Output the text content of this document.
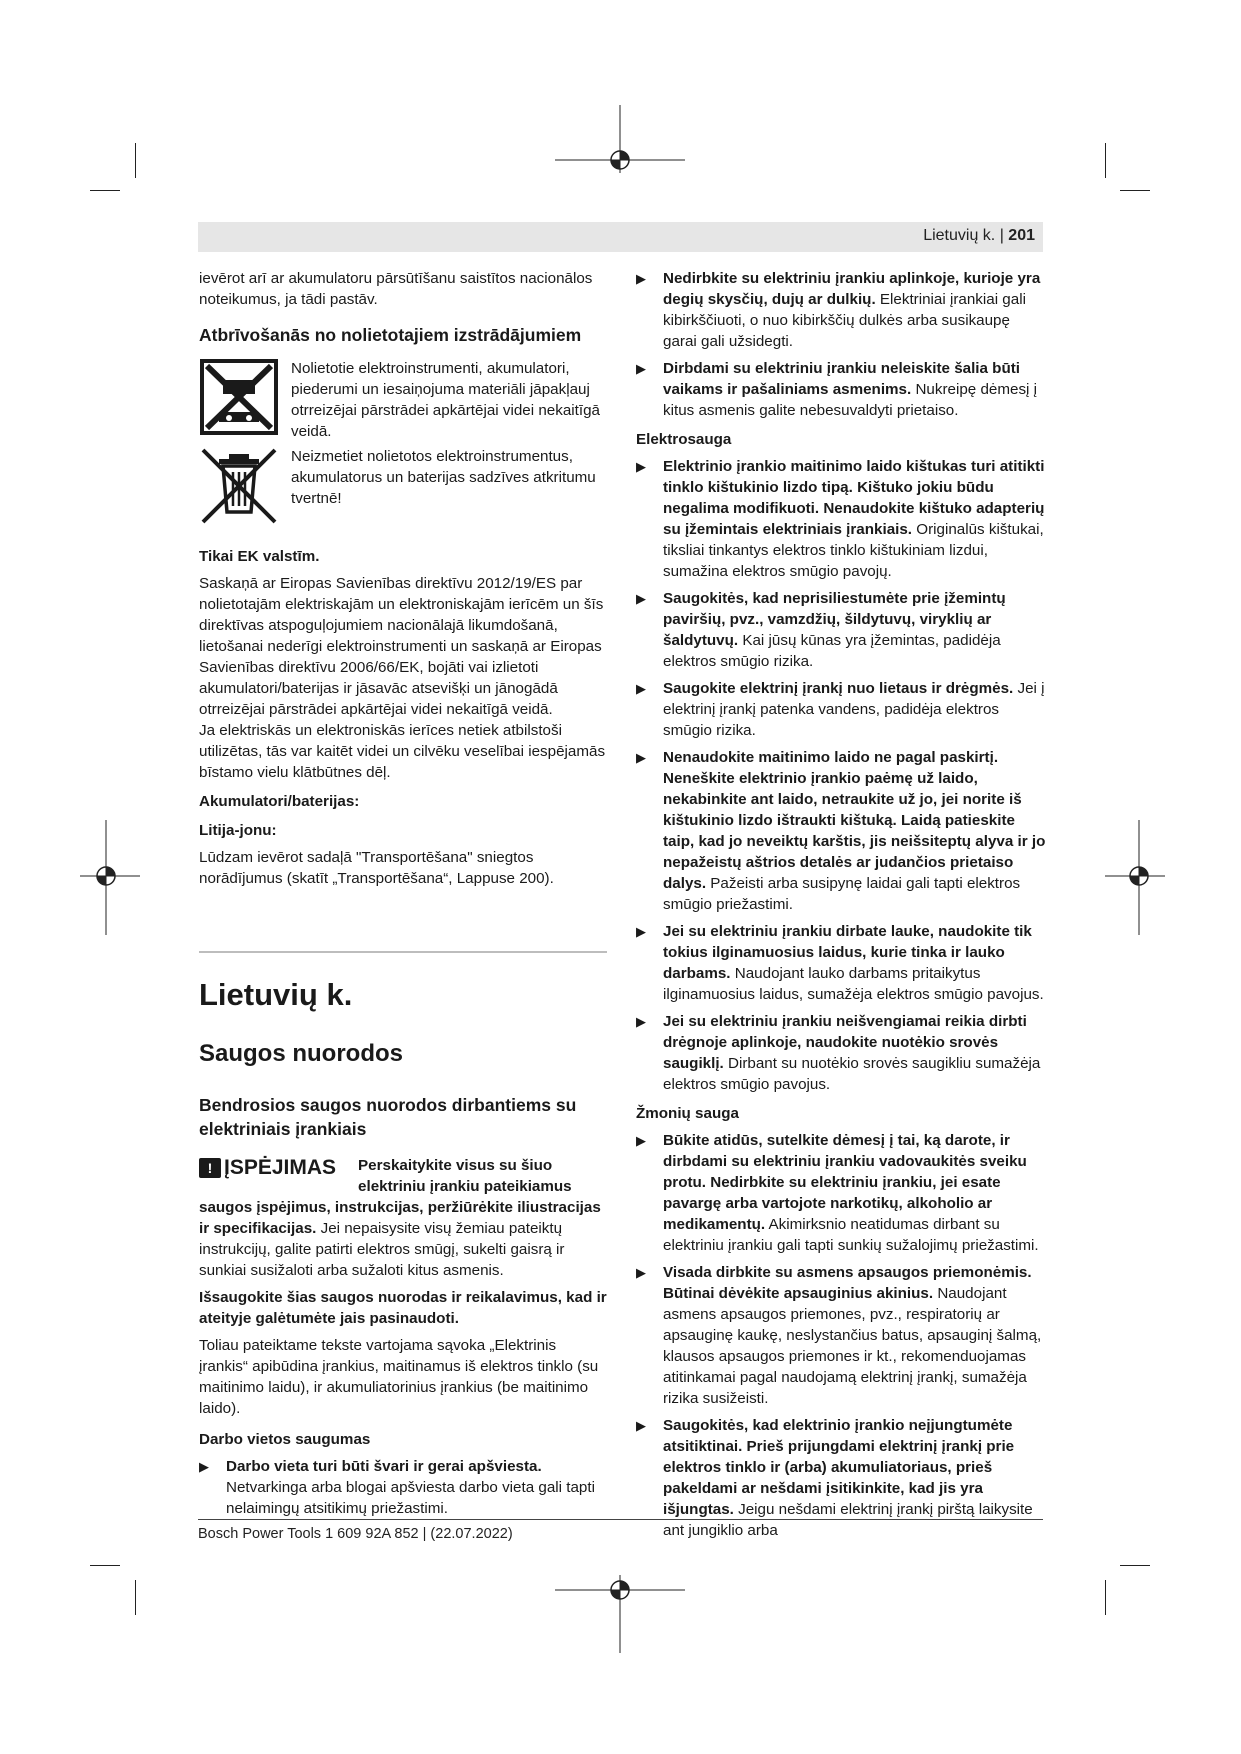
Lietuvių k. | 201

ievērot arī ar akumulatoru pārsūtīšanu saistītos nacionālos noteikumus, ja tādi pastāv.

Atbrīvošanās no nolietotajiem izstrādājumiem
Nolietotie elektroinstrumenti, akumulatori, piederumi un iesaiņojuma materiāli jāpakļauj otrreizējai pārstrādei apkārtējai videi nekaitīgā veidā.
Neizmetiet nolietotos elektroinstrumentus, akumulatorus un baterijas sadzīves atkritumu tvertnē!
Tikai EK valstīm.

Saskaņā ar Eiropas Savienības direktīvu 2012/19/ES par nolietotajām elektriskajām un elektroniskajām ierīcēm un šīs direktīvas atspoguļojumiem nacionālajā likumdošanā, lietošanai nederīgi elektroinstrumenti un saskaņā ar Eiropas Savienības direktīvu 2006/66/EK, bojāti vai izlietoti akumulatori/baterijas ir jāsavāc atsevišķi un jānogādā otrreizējai pārstrādei apkārtējai videi nekaitīgā veidā.

Ja elektriskās un elektroniskās ierīces netiek atbilstoši utilizētas, tās var kaitēt videi un cilvēku veselībai iespējamās bīstamo vielu klātbūtnes dēļ.

Akumulatori/baterijas:
Litija-jonu:

Lūdzam ievērot sadaļā "Transportēšana" sniegtos norādījumus (skatīt „Transportēšana“, Lappuse 200).

Lietuvių k.
Saugos nuorodos
Bendrosios saugos nuorodos dirbantiems su elektriniais įrankiais
! ĮSPĖJIMAS	Perskaitykite visus su šiuo elektriniu įrankiu pateikiamus saugos įspėjimus, instrukcijas, peržiūrėkite iliustracijas ir specifikacijas. Jei nepaisysite visų žemiau pateiktų instrukcijų, galite patirti elektros smūgį, sukelti gaisrą ir sunkiai susižaloti arba sužaloti kitus asmenis.

Išsaugokite šias saugos nuorodas ir reikalavimus, kad ir ateityje galėtumėte jais pasinaudoti.

Toliau pateiktame tekste vartojama sąvoka „Elektrinis įrankis“ apibūdina įrankius, maitinamus iš elektros tinklo (su maitinimo laidu), ir akumuliatorinius įrankius (be maitinimo laido).

Darbo vietos saugumas
▶ Darbo vieta turi būti švari ir gerai apšviesta. Netvarkinga arba blogai apšviesta darbo vieta gali tapti nelaimingų atsitikimų priežastimi.
▶ Nedirbkite su elektriniu įrankiu aplinkoje, kurioje yra degių skysčių, dujų ar dulkių. Elektriniai įrankiai gali kibirkščiuoti, o nuo kibirkščių dulkės arba susikaupę garai gali užsidegti.
▶ Dirbdami su elektriniu įrankiu neleiskite šalia būti vaikams ir pašaliniams asmenims. Nukreipę dėmesį į kitus asmenis galite nebesuvaldyti prietaiso.
Elektrosauga
▶ Elektrinio įrankio maitinimo laido kištukas turi atitikti tinklo kištukinio lizdo tipą. Kištuko jokiu būdu negalima modifikuoti. Nenaudokite kištuko adapterių su įžemintais elektriniais įrankiais. Originalūs kištukai, tiksliai tinkantys elektros tinklo kištukiniam lizdui, sumažina elektros smūgio pavojų.
▶ Saugokitės, kad neprisiliestumėte prie įžemintų paviršių, pvz., vamzdžių, šildytuvų, viryklių ar šaldytuvų. Kai jūsų kūnas yra įžemintas, padidėja elektros smūgio rizika.
▶ Saugokite elektrinį įrankį nuo lietaus ir drėgmės. Jei į elektrinį įrankį patenka vandens, padidėja elektros smūgio rizika.
▶ Nenaudokite maitinimo laido ne pagal paskirtį. Neneškite elektrinio įrankio paėmę už laido, nekabinkite ant laido, netraukite už jo, jei norite iš kištukinio lizdo ištraukti kištuką. Laidą patieskite taip, kad jo neveiktų karštis, jis neišsiteptų alyva ir jo nepažeistų aštrios detalės ar judančios prietaiso dalys. Pažeisti arba susipynę laidai gali tapti elektros smūgio priežastimi.
▶ Jei su elektriniu įrankiu dirbate lauke, naudokite tik tokius ilginamuosius laidus, kurie tinka ir lauko darbams. Naudojant lauko darbams pritaikytus ilginamuosius laidus, sumažėja elektros smūgio pavojus.
▶ Jei su elektriniu įrankiu neišvengiamai reikia dirbti drėgnoje aplinkoje, naudokite nuotėkio srovės saugiklį. Dirbant su nuotėkio srovės saugikliu sumažėja elektros smūgio pavojus.
Žmonių sauga
▶ Būkite atidūs, sutelkite dėmesį į tai, ką darote, ir dirbdami su elektriniu įrankiu vadovaukitės sveiku protu. Nedirbkite su elektriniu įrankiu, jei esate pavargę arba vartojote narkotikų, alkoholio ar medikamentų. Akimirksnio neatidumas dirbant su elektriniu įrankiu gali tapti sunkių sužalojimų priežastimi.
▶ Visada dirbkite su asmens apsaugos priemonėmis. Būtinai dėvėkite apsauginius akinius. Naudojant asmens apsaugos priemones, pvz., respiratorių ar apsauginę kaukę, neslystančius batus, apsauginį šalmą, klausos apsaugos priemones ir kt., rekomenduojamas atitinkamai pagal naudojamą elektrinį įrankį, sumažėja rizika susižeisti.
▶ Saugokitės, kad elektrinio įrankio neįjungtumėte atsitiktinai. Prieš prijungdami elektrinį įrankį prie elektros tinklo ir (arba) akumuliatoriaus, prieš pakeldami ar nešdami įsitikinkite, kad jis yra išjungtas. Jeigu nešdami elektrinį įrankį pirštą laikysite ant jungiklio arba
Bosch Power Tools 1 609 92A 852 | (22.07.2022)
